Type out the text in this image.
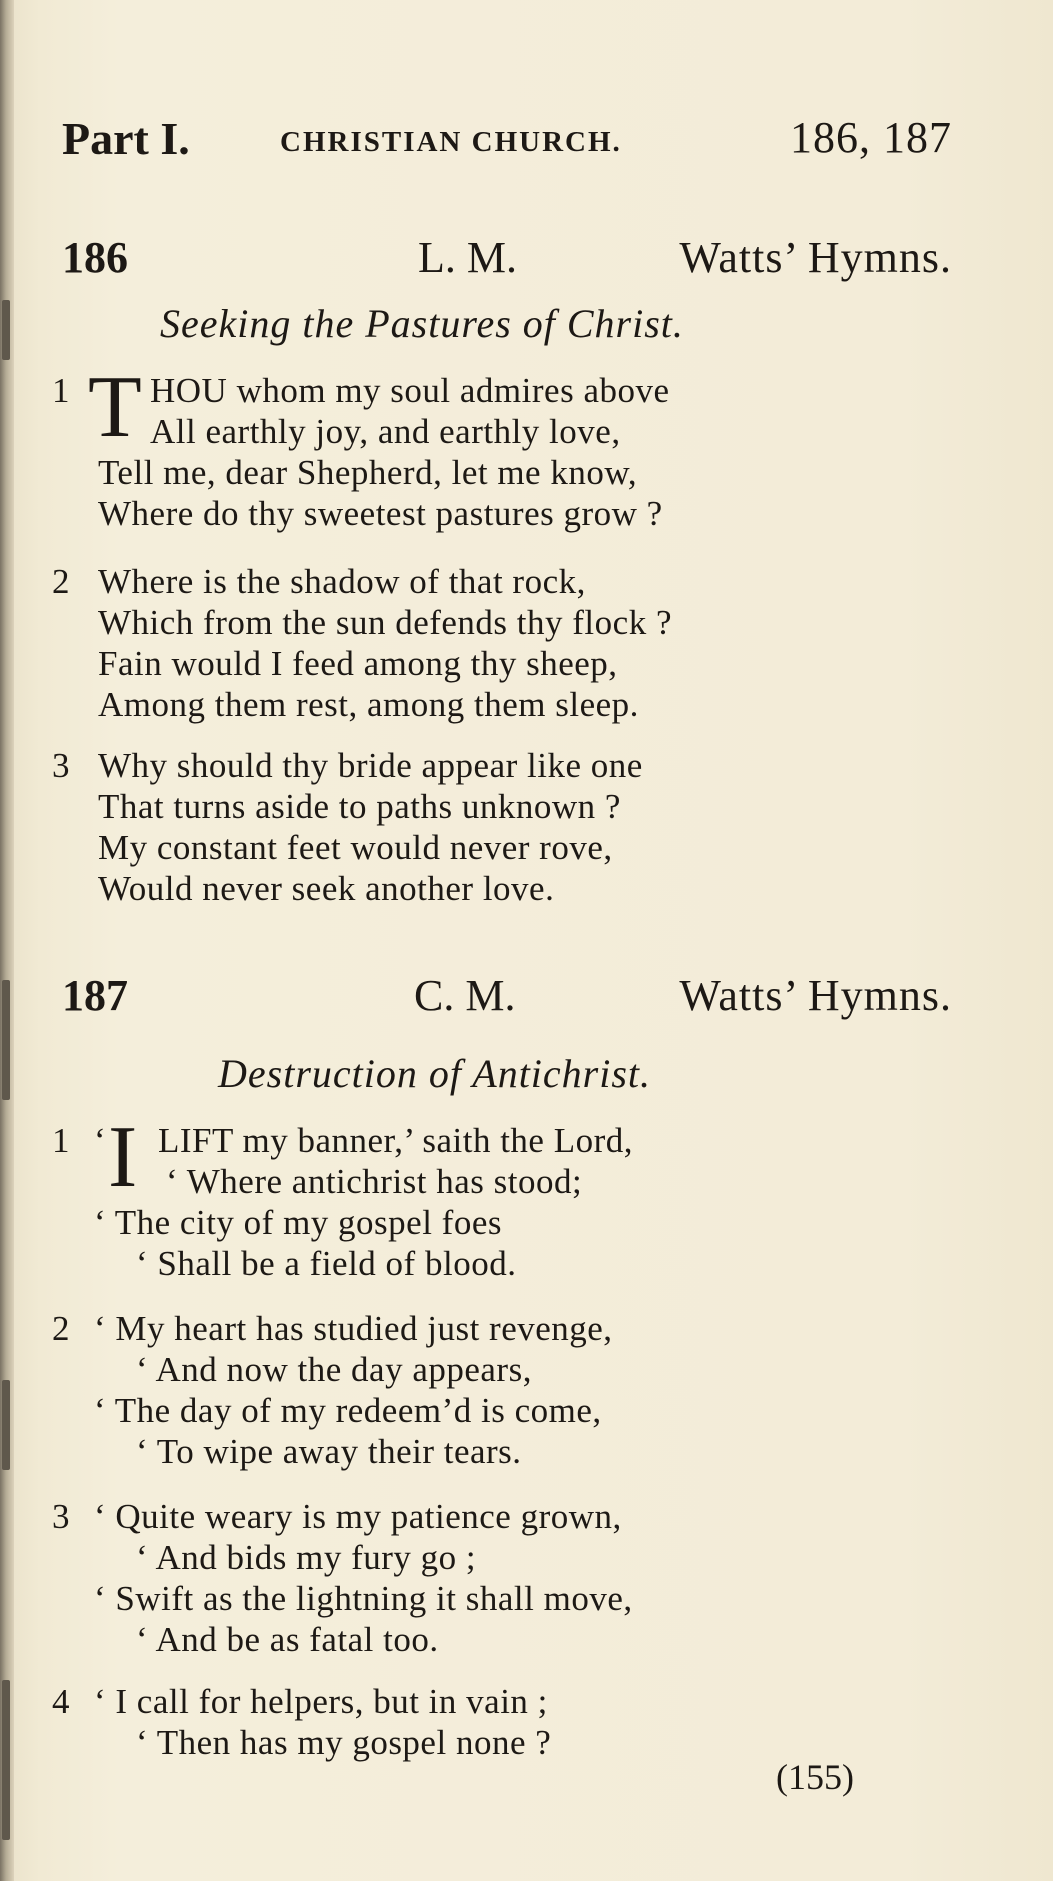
Part I.	CHRISTIAN CHURCH.	186, 187
186	L. M.	Watts’ Hymns.
Seeking the Pastures of Christ.
1 T HOU whom my soul admires above
All earthly joy, and earthly love,
Tell me, dear Shepherd, let me know,
Where do thy sweetest pastures grow ?
2 Where is the shadow of that rock,
Which from the sun defends thy flock ?
Fain would I feed among thy sheep,
Among them rest, among them sleep.
3 Why should thy bride appear like one
That turns aside to paths unknown ?
My constant feet would never rove,
Would never seek another love.
187	C. M.	Watts’ Hymns.
Destruction of Antichrist.
1 ‘ I LIFT my banner,’ saith the Lord,
‘ Where antichrist has stood;
‘ The city of my gospel foes
‘ Shall be a field of blood.
2 ‘ My heart has studied just revenge,
‘ And now the day appears,
‘ The day of my redeem’d is come,
‘ To wipe away their tears.
3 ‘ Quite weary is my patience grown,
‘ And bids my fury go ;
‘ Swift as the lightning it shall move,
‘ And be as fatal too.
4 ‘ I call for helpers, but in vain ;
‘ Then has my gospel none ?
(155)
